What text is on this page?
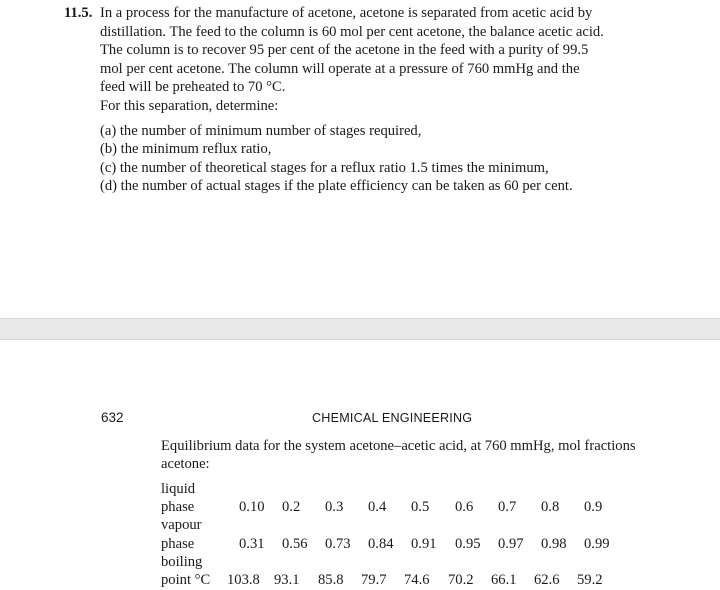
11.5. In a process for the manufacture of acetone, acetone is separated from acetic acid by distillation. The feed to the column is 60 mol per cent acetone, the balance acetic acid.

The column is to recover 95 per cent of the acetone in the feed with a purity of 99.5 mol per cent acetone. The column will operate at a pressure of 760 mmHg and the feed will be preheated to 70 °C.

For this separation, determine:

(a) the number of minimum number of stages required,
(b) the minimum reflux ratio,
(c) the number of theoretical stages for a reflux ratio 1.5 times the minimum,
(d) the number of actual stages if the plate efficiency can be taken as 60 per cent.
632	CHEMICAL ENGINEERING

Equilibrium data for the system acetone–acetic acid, at 760 mmHg, mol fractions acetone:

liquid
phase	0.10 0.2 0.3 0.4 0.5 0.6 0.7 0.8 0.9
vapour
phase	0.31 0.56 0.73 0.84 0.91 0.95 0.97 0.98 0.99
boiling
point °C 103.8 93.1 85.8 79.7 74.6 70.2 66.1 62.6 59.2
